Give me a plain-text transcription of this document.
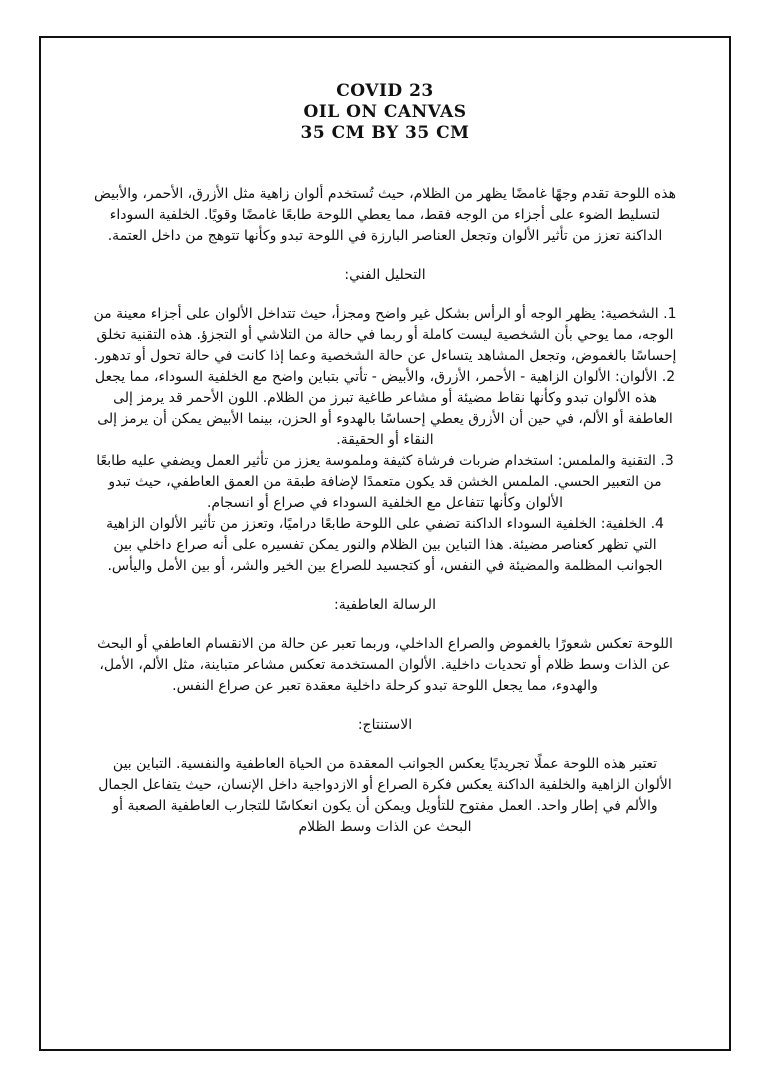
COVID 23
OIL ON CANVAS
35 CM BY 35 CM

هذه اللوحة تقدم وجهًا غامضًا يظهر من الظلام، حيث تُستخدم ألوان زاهية مثل الأزرق، الأحمر، والأبيض لتسليط الضوء على أجزاء من الوجه فقط، مما يعطي اللوحة طابعًا غامضًا وقويًا. الخلفية السوداء الداكنة تعزز من تأثير الألوان وتجعل العناصر البارزة في اللوحة تبدو وكأنها تتوهج من داخل العتمة.

التحليل الفني:

1. الشخصية: يظهر الوجه أو الرأس بشكل غير واضح ومجزأ، حيث تتداخل الألوان على أجزاء معينة من الوجه، مما يوحي بأن الشخصية ليست كاملة أو ربما في حالة من التلاشي أو التجزؤ. هذه التقنية تخلق إحساسًا بالغموض، وتجعل المشاهد يتساءل عن حالة الشخصية وعما إذا كانت في حالة تحول أو تدهور.

2. الألوان: الألوان الزاهية - الأحمر، الأزرق، والأبيض - تأتي بتباين واضح مع الخلفية السوداء، مما يجعل هذه الألوان تبدو وكأنها نقاط مضيئة أو مشاعر طاغية تبرز من الظلام. اللون الأحمر قد يرمز إلى العاطفة أو الألم، في حين أن الأزرق يعطي إحساسًا بالهدوء أو الحزن، بينما الأبيض يمكن أن يرمز إلى النقاء أو الحقيقة.

3. التقنية والملمس: استخدام ضربات فرشاة كثيفة وملموسة يعزز من تأثير العمل ويضفي عليه طابعًا من التعبير الحسي. الملمس الخشن قد يكون متعمدًا لإضافة طبقة من العمق العاطفي، حيث تبدو الألوان وكأنها تتفاعل مع الخلفية السوداء في صراع أو انسجام.

4. الخلفية: الخلفية السوداء الداكنة تضفي على اللوحة طابعًا دراميًا، وتعزز من تأثير الألوان الزاهية التي تظهر كعناصر مضيئة. هذا التباين بين الظلام والنور يمكن تفسيره على أنه صراع داخلي بين الجوانب المظلمة والمضيئة في النفس، أو كتجسيد للصراع بين الخير والشر، أو بين الأمل واليأس.

الرسالة العاطفية:

اللوحة تعكس شعورًا بالغموض والصراع الداخلي، وربما تعبر عن حالة من الانقسام العاطفي أو البحث عن الذات وسط ظلام أو تحديات داخلية. الألوان المستخدمة تعكس مشاعر متباينة، مثل الألم، الأمل، والهدوء، مما يجعل اللوحة تبدو كرحلة داخلية معقدة تعبر عن صراع النفس.

الاستنتاج:

تعتبر هذه اللوحة عملًا تجريديًا يعكس الجوانب المعقدة من الحياة العاطفية والنفسية. التباين بين الألوان الزاهية والخلفية الداكنة يعكس فكرة الصراع أو الازدواجية داخل الإنسان، حيث يتفاعل الجمال والألم في إطار واحد. العمل مفتوح للتأويل ويمكن أن يكون انعكاسًا للتجارب العاطفية الصعبة أو البحث عن الذات وسط الظلام
